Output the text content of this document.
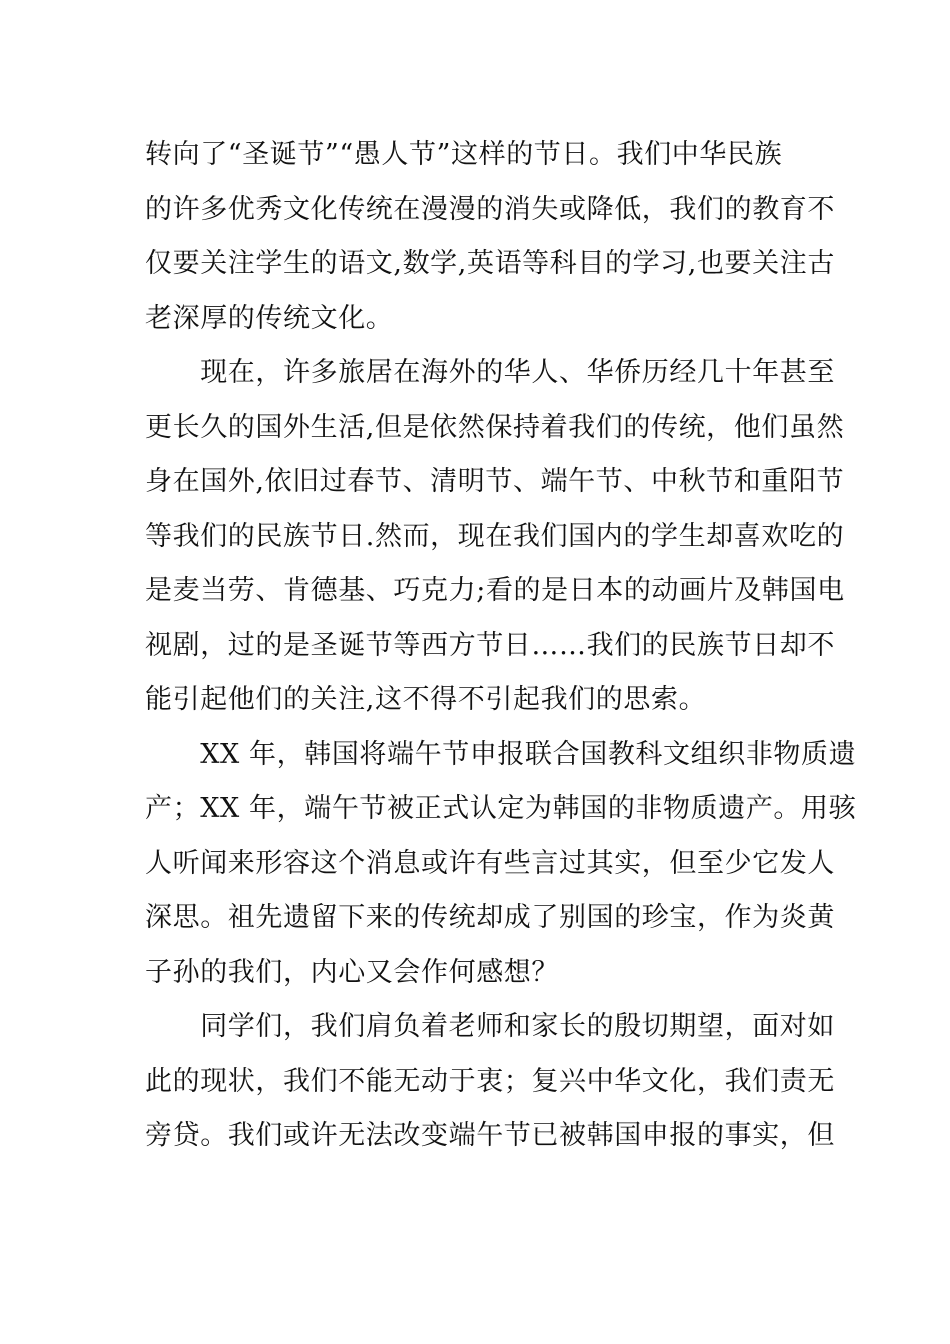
转向了“圣诞节”“愚人节”这样的节日。我们中华民族
的许多优秀文化传统在漫漫的消失或降低，我们的教育不
仅要关注学生的语文,数学,英语等科目的学习,也要关注古
老深厚的传统文化。
　　现在，许多旅居在海外的华人、华侨历经几十年甚至
更长久的国外生活,但是依然保持着我们的传统，他们虽然
身在国外,依旧过春节、清明节、端午节、中秋节和重阳节
等我们的民族节日.然而，现在我们国内的学生却喜欢吃的
是麦当劳、肯德基、巧克力;看的是日本的动画片及韩国电
视剧，过的是圣诞节等西方节日……我们的民族节日却不
能引起他们的关注,这不得不引起我们的思索。
　　XX 年，韩国将端午节申报联合国教科文组织非物质遗
产；XX 年，端午节被正式认定为韩国的非物质遗产。用骇
人听闻来形容这个消息或许有些言过其实，但至少它发人
深思。祖先遗留下来的传统却成了别国的珍宝，作为炎黄
子孙的我们，内心又会作何感想？
　　同学们，我们肩负着老师和家长的殷切期望，面对如
此的现状，我们不能无动于衷；复兴中华文化，我们责无
旁贷。我们或许无法改变端午节已被韩国申报的事实，但
